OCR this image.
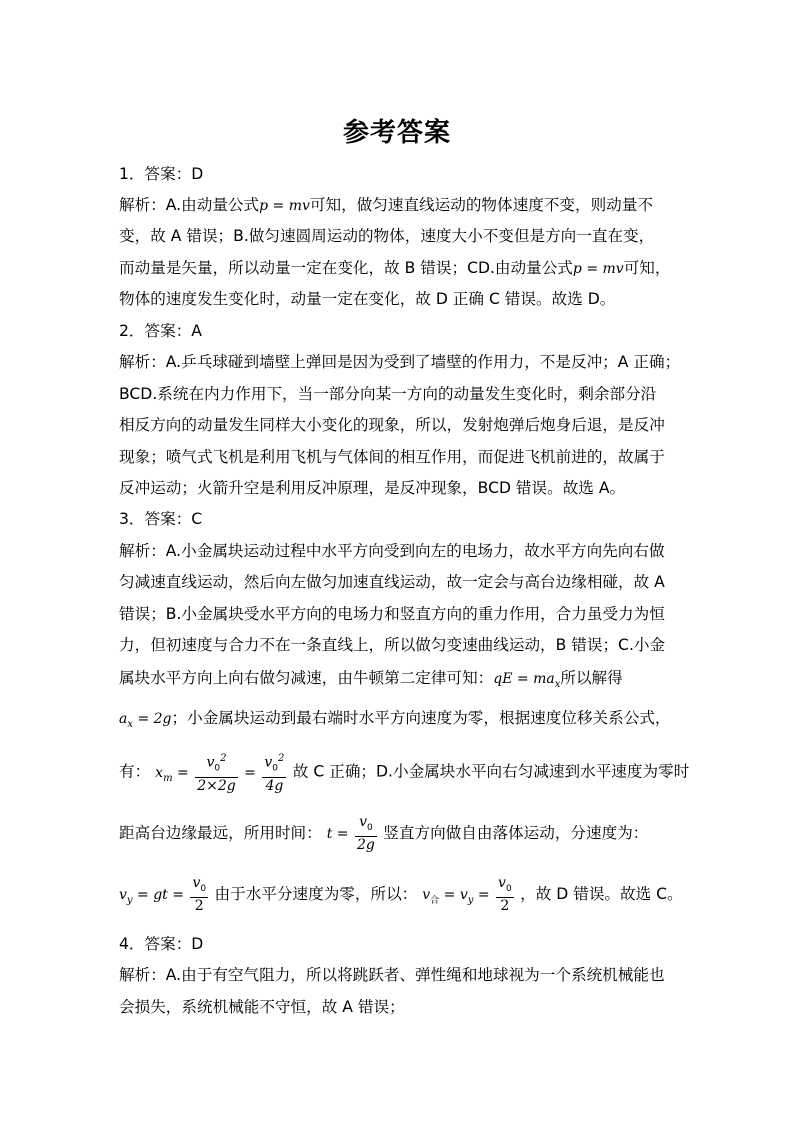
参考答案
1．答案：D
解析：A.由动量公式p = mv可知，做匀速直线运动的物体速度不变，则动量不
变，故 A 错误；B.做匀速圆周运动的物体，速度大小不变但是方向一直在变，
而动量是矢量，所以动量一定在变化，故 B 错误；CD.由动量公式p = mv可知，
物体的速度发生变化时，动量一定在变化，故 D 正确 C 错误。故选 D。
2．答案：A
解析：A.乒乓球碰到墙壁上弹回是因为受到了墙壁的作用力，不是反冲；A 正确；
BCD.系统在内力作用下，当一部分向某一方向的动量发生变化时，剩余部分沿
相反方向的动量发生同样大小变化的现象，所以，发射炮弹后炮身后退，是反冲
现象；喷气式飞机是利用飞机与气体间的相互作用，而促进飞机前进的，故属于
反冲运动；火箭升空是利用反冲原理，是反冲现象，BCD 错误。故选 A。
3．答案：C
解析：A.小金属块运动过程中水平方向受到向左的电场力，故水平方向先向右做
匀减速直线运动，然后向左做匀加速直线运动，故一定会与高台边缘相碰，故 A
错误；B.小金属块受水平方向的电场力和竖直方向的重力作用，合力虽受力为恒
力，但初速度与合力不在一条直线上，所以做匀变速曲线运动，B 错误；C.小金
属块水平方向上向右做匀减速，由牛顿第二定律可知：qE = $ma_x$所以解得
$a_x = 2g$；小金属块运动到最右端时水平方向速度为零，根据速度位移关系公式，
有： $x_m = \frac{v_0^2}{2\times 2g} = \frac{v_0^2}{4g}$ 故 C 正确；D.小金属块水平向右匀减速到水平速度为零时
距高台边缘最远，所用时间： $t = \frac{v_0}{2g}$ 竖直方向做自由落体运动，分速度为：
$v_y$ = gt = $\frac{v_0}{2}$ 由于水平分速度为零，所以： $v_合 = v_y = \frac{v_0}{2}$ ，故 D 错误。故选 C。
4．答案：D
解析：A.由于有空气阻力，所以将跳跃者、弹性绳和地球视为一个系统机械能也
会损失，系统机械能不守恒，故 A 错误；
